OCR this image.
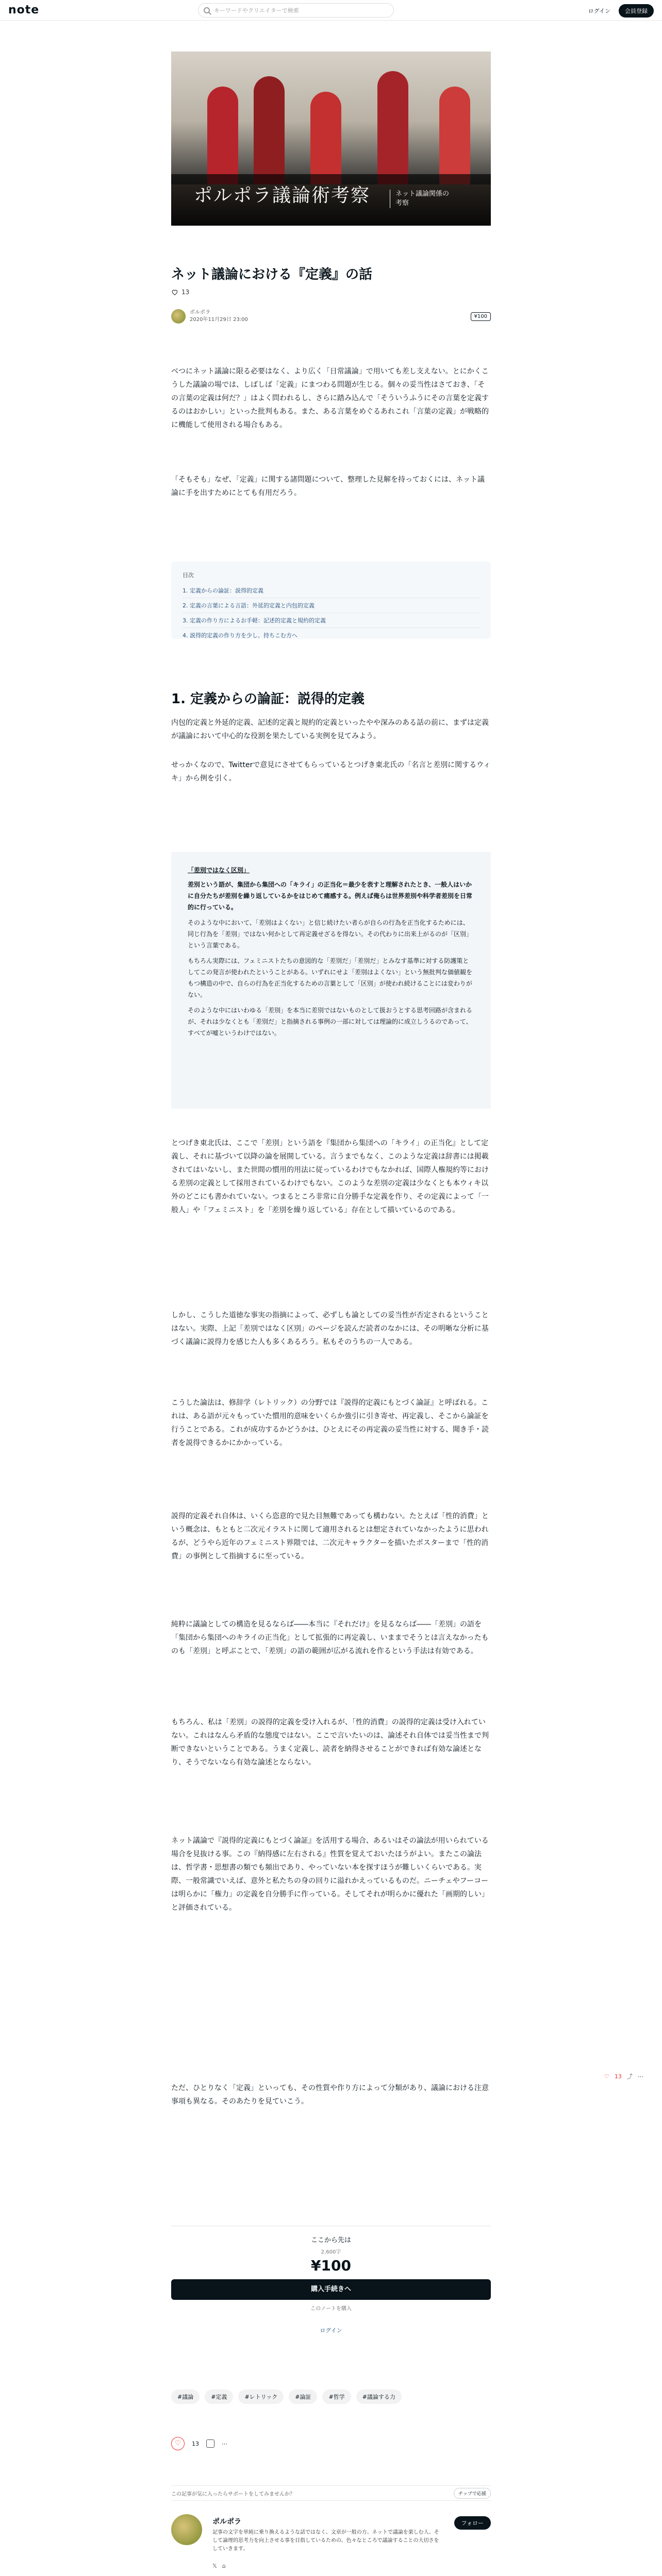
note	キーワードやクリエイターで検索	ログイン	会員登録
ポルポラ議論術考察	ネット議論関係の
考察
ネット議論における『定義』の話
13
ポルポラ
2020年11月29日 23:00
¥100
ベつにネット議論に限る必要はなく、より広く「日常議論」で用いても差し支えない。とにかくこうした議論の場では、しばしば「定義」にまつわる問題が生じる。個々の妥当性はさておき、「その言葉の定義は何だ？」はよく問われるし、さらに踏み込んで「そういうふうにその言葉を定義するのはおかしい」といった批判もある。また、ある言葉をめぐるあれこれ「言葉の定義」が戦略的に機能して使用される場合もある。
「そもそも」なぜ、「定義」に関する諸問題について、整理した見解を持っておくには、ネット議論に手を出すためにとても有用だろう。
目次
1. 定義からの論証：説得的定義
2. 定義の言葉による言語：外延的定義と内包的定義
3. 定義の作り方によるお手軽：記述的定義と規約的定義
4. 説得的定義の作り方を少し、持ちこむ方へ
1. 定義からの論証：説得的定義
内包的定義と外延的定義、記述的定義と規約的定義といったやや深みのある話の前に、まずは定義が議論において中心的な役割を果たしている実例を見てみよう。
せっかくなので、Twitterで意見にさせてもらっているとつげき東北氏の「名言と差別に関するウィキ」から例を引く。
「差別ではなく区別」
差別という語が、集団から集団への「キライ」の正当化＝最少を表すと理解されたとき、一般人はいかに自分たちが差別を繰り返しているかをはじめて痛感する。例えば俺らは世界差別や科学者差別を日常的に行っている。
そのような中において、「差別はよくない」と信じ続けたい者らが自らの行為を正当化するためには、同じ行為を「差別」ではない何かとして再定義せざるを得ない。その代わりに出来上がるのが「区別」という言葉である。
もちろん実際には、フェミニストたちの意図的な「差別だ」「差別だ」とみなす基準に対する防護策としてこの発言が使われたということがある。いずれにせよ「差別はよくない」という無批判な価値観をもつ構造の中で、自らの行為を正当化するための言葉として「区別」が使われ続けることには変わりがない。
そのような中にはいわゆる「差別」を本当に差別ではないものとして扱おうとする思考回路が含まれるが、それは少なくとも「差別だ」と指摘される事例の一部に対しては理論的に成立しうるのであって、すべてが嘘というわけではない。
とつげき東北氏は、ここで「差別」という語を『集団から集団への「キライ」の正当化』として定義し、それに基づいて以降の論を展開している。言うまでもなく、このような定義は辞書には掲載されてはいないし、また世間の慣用的用法に従っているわけでもなかれば、国際人権規約等における差別の定義として採用されているわけでもない。このような差別の定義は少なくとも本ウィキ以外のどこにも書かれていない。つまるところ非常に自分勝手な定義を作り、その定義によって「一般人」や「フェミニスト」を「差別を繰り返している」存在として描いているのである。
しかし、こうした道徳な事実の指摘によって、必ずしも論としての妥当性が否定されるということはない。実際、上記「差別ではなく区別」のページを読んだ読者のなかには、その明晰な分析に基づく議論に説得力を感じた人も多くあるろう。私もそのうちの一人である。
こうした論法は、修辞学（レトリック）の分野では『説得的定義にもとづく論証』と呼ばれる。これは、ある語が元々もっていた慣用的意味をいくらか強引に引き寄せ、再定義し、そこから論証を行うことである。これが成功するかどうかは、ひとえにその再定義の妥当性に対する、聞き手・読者を説得できるかにかかっている。
説得的定義それ自体は、いくら恣意的で見た目無難であっても構わない。たとえば「性的消費」という概念は、もともと二次元イラストに関して適用されるとは想定されていなかったように思われるが、どうやら近年のフェミニスト界隈では、二次元キャラクターを描いたポスターまで「性的消費」の事例として指摘するに至っている。
純粋に議論としての構造を見るならば――本当に『それだけ』を見るならば――「差別」の語を「集団から集団へのキライの正当化」として拡張的に再定義し、いままでそうとは言えなかったものも「差別」と呼ぶことで、「差別」の語の範囲が広がる流れを作るという手法は有効である。
もちろん、私は「差別」の説得的定義を受け入れるが、「性的消費」の説得的定義は受け入れていない。これはなんら矛盾的な態度ではない。ここで言いたいのは、論述それ自体では妥当性まで判断できないということである。うまく定義し、読者を納得させることができれば有効な論述となり、そうでないなら有効な論述とならない。
ネット議論で『説得的定義にもとづく論証』を活用する場合、あるいはその論法が用いられている場合を見抜ける事。この『納得感に左右される』性質を覚えておいたほうがよい。またこの論法は、哲学書・思想書の類でも頻出であり、やっていない本を探すほうが難しいくらいである。実際、一般常識でいえば、意外と私たちの身の回りに溢れかえっているものだ。ニーチェやフーコーは明らかに「権力」の定義を自分勝手に作っている。そしてそれが明らかに優れた「画期的しい」と評価されている。
ただ、ひとりなく「定義」といっても、その性質や作り方によって分類があり、議論における注意事項も異なる。そのあたりを見ていこう。
♡ 13 ⤴ ⋯
ここから先は
2,600字
¥100
購入手続きへ
このノートを購入
ログイン
#議論	#定義	#レトリック	#論証	#哲学	#議論する力
♡	13	⋯
この記事が気に入ったらサポートをしてみませんか？	チップで応援
ポルポラ
記事の文字を単純に乗り換えるような話ではなく、文章が一般の方、ネットで議論を楽しむ人、そして論理的思考力を向上させる事を目指しているための、色々なところで議論することの大切さをしていきます。
フォロー
𝕏 ⌂
